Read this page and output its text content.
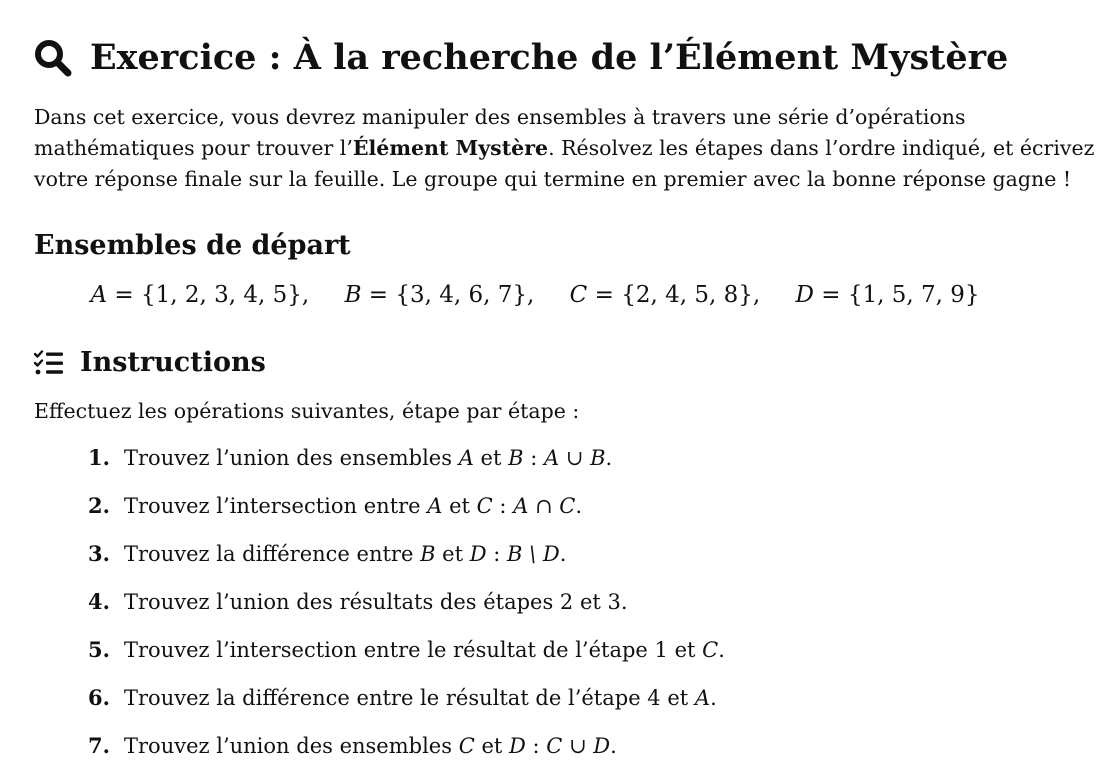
Exercice : À la recherche de l’Élément Mystère
Dans cet exercice, vous devrez manipuler des ensembles à travers une série d’opérations mathématiques pour trouver l’Élément Mystère. Résolvez les étapes dans l’ordre indiqué, et écrivez votre réponse finale sur la feuille. Le groupe qui termine en premier avec la bonne réponse gagne !
Ensembles de départ
A = {1, 2, 3, 4, 5}, B = {3, 4, 6, 7}, C = {2, 4, 5, 8}, D = {1, 5, 7, 9}
Instructions
Effectuez les opérations suivantes, étape par étape :
1. Trouvez l’union des ensembles A et B : A ∪ B.
2. Trouvez l’intersection entre A et C : A ∩ C.
3. Trouvez la différence entre B et D : B \ D.
4. Trouvez l’union des résultats des étapes 2 et 3.
5. Trouvez l’intersection entre le résultat de l’étape 1 et C.
6. Trouvez la différence entre le résultat de l’étape 4 et A.
7. Trouvez l’union des ensembles C et D : C ∪ D.
